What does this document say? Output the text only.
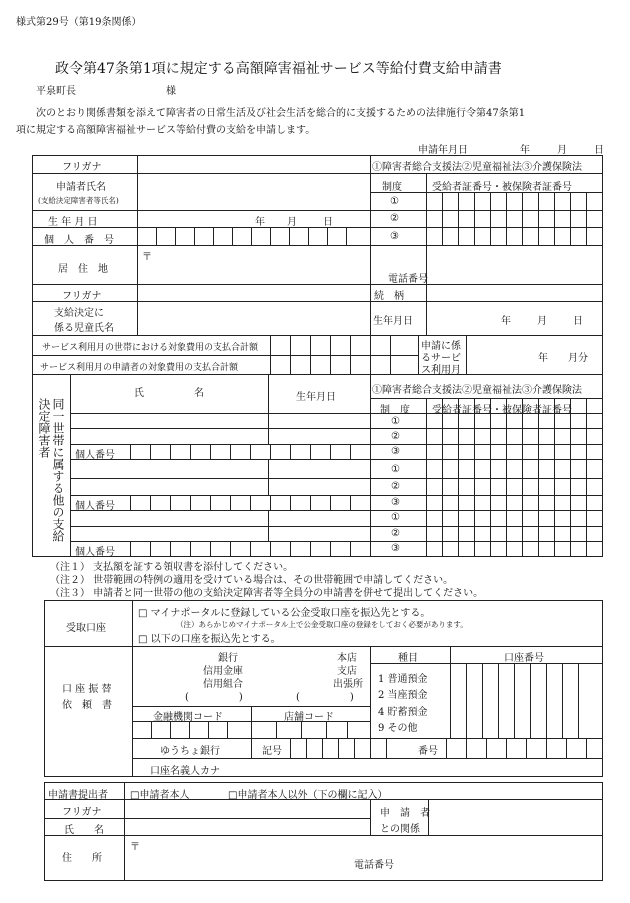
様式第29号（第19条関係）
政令第47条第1項に規定する高額障害福祉サービス等給付費支給申請書
平泉町長	様
次のとおり関係書類を添えて障害者の日常生活及び社会生活を総合的に支援するための法律施行令第47条第1
項に規定する高額障害福祉サービス等給付費の支給を申請します。
申請年月日	年	月	日
フリガナ	①障害者総合支援法②児童福祉法③介護保険法
申請者氏名
(支給決定障害者等氏名)
制度	受給者証番号・被保険者証番号
①
生 年 月 日	年 月	日	②
個　人　番　号	③
居　住　地
〒
電話番号
フリガナ	続　柄
支給決定に
係る児童氏名
生年月日	年	月	日
サービス利用月の世帯における対象費用の支払合計額
サービス利用月の申請者の対象費用の支払合計額
申請に係
るサービ
ス利用月
年　　月分
同一世帯に属する他の支給決定障害者
氏　　　　　名	生年月日
①障害者総合支援法②児童福祉法③介護保険法
制　度 受給者証番号・被保険者証番号
①
②
③
個人番号
①
②
③
個人番号
①
②
③
個人番号
（注１） 支払額を証する領収書を添付してください。
（注２） 世帯範囲の特例の適用を受けている場合は、その世帯範囲で申請してください。
（注３） 申請者と同一世帯の他の支給決定障害者等全員分の申請書を併せて提出してください。
受取口座
□ マイナポータルに登録している公金受取口座を振込先とする。
（注）あらかじめマイナポータル上で公金受取口座の登録をしておく必要があります。
□ 以下の口座を振込先とする。
口 座 振 替
依　頼　書
銀行
信用金庫
信用組合
(　　　　　)
本店
支店
出張所
(　　　　　)
種目	口座番号
1 普通預金
2 当座預金
4 貯蓄預金
9 その他
金融機関コード	店舗コード
ゆうちょ銀行	記号	番号
口座名義人カナ
申請書提出者 □申請者本人	□申請者本人以外（下の欄に記入）
フリガナ
氏　　名
申　請　者
との関係
住　　所
〒
電話番号
